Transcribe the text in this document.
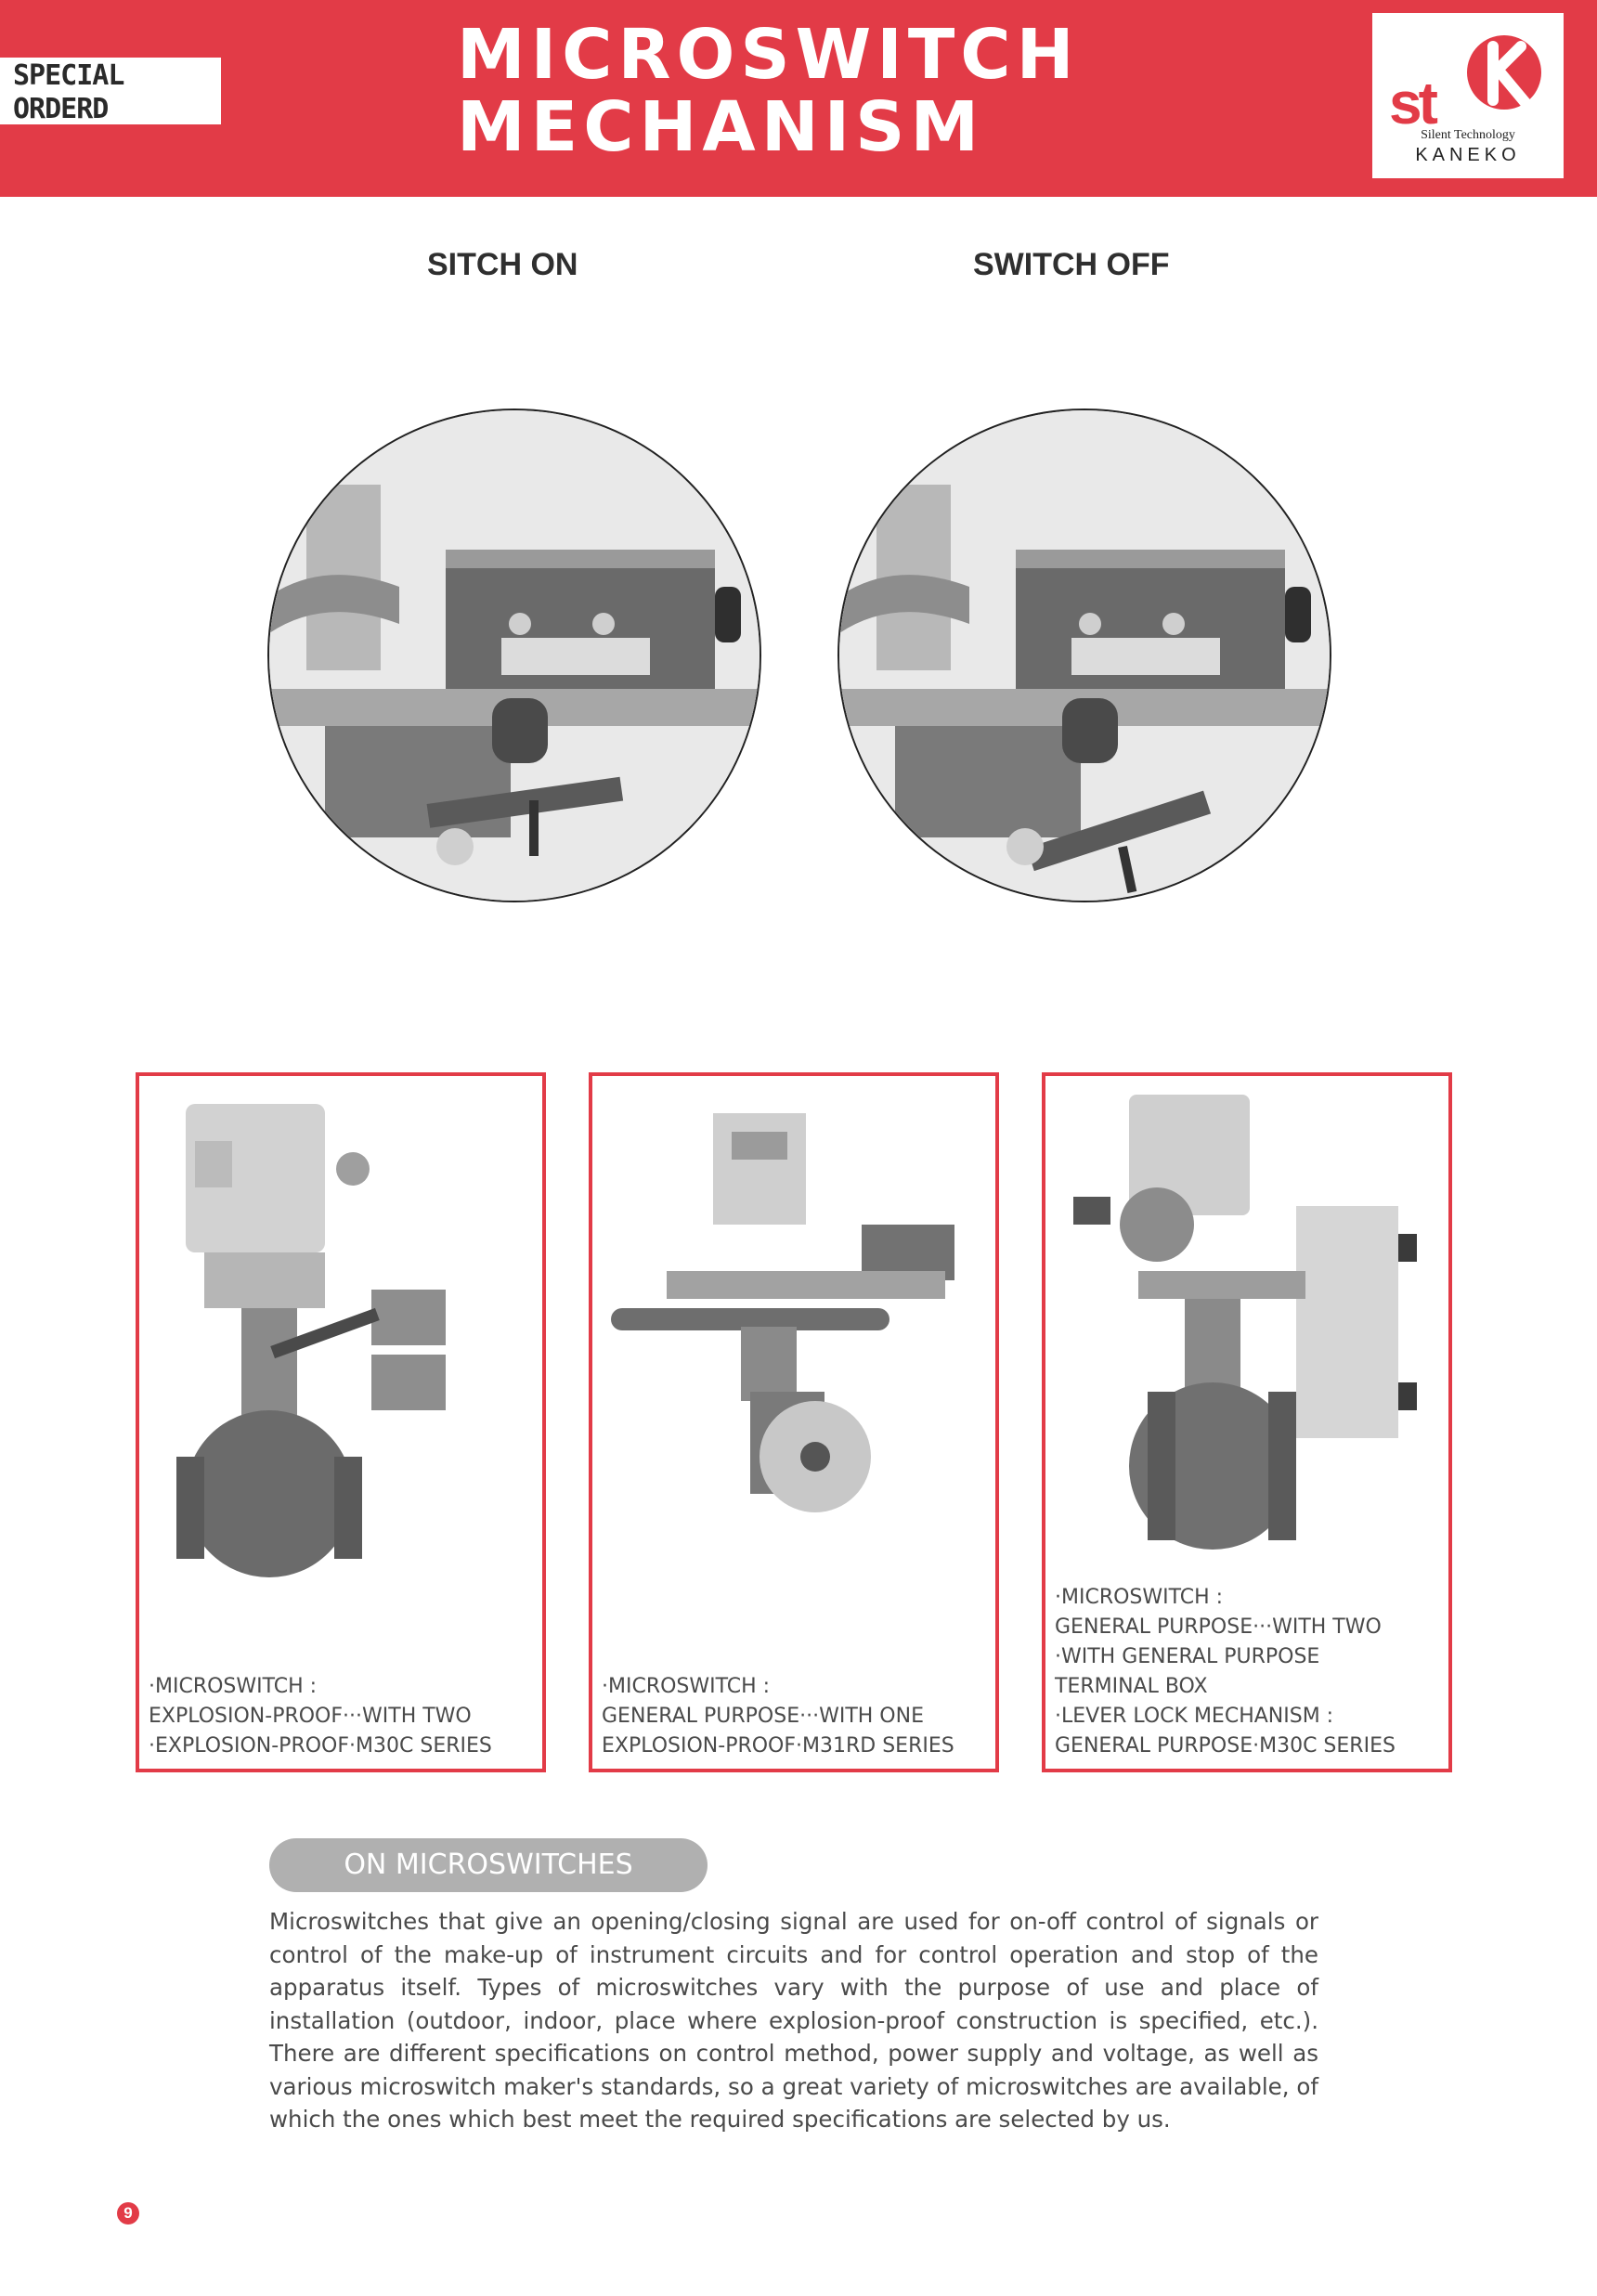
SPECIAL
ORDERD
MICROSWITCH
MECHANISM	st
Silent Technology
KANEKO
SITCH ON	SWITCH OFF
·MICROSWITCH :
EXPLOSION-PROOF···WITH TWO
·EXPLOSION-PROOF·M30C SERIES
·MICROSWITCH :
GENERAL PURPOSE···WITH ONE
EXPLOSION-PROOF·M31RD SERIES
·MICROSWITCH :
GENERAL PURPOSE···WITH TWO
·WITH GENERAL PURPOSE
TERMINAL BOX
·LEVER LOCK MECHANISM :
GENERAL PURPOSE·M30C SERIES
ON MICROSWITCHES
Microswitches that give an opening/closing signal are used for on-off control of signals or control of the make-up of instrument circuits and for control operation and stop of the apparatus itself. Types of microswitches vary with the purpose of use and place of installation (outdoor, indoor, place where explosion-proof construction is specified, etc.). There are different specifications on control method, power supply and voltage, as well as various microswitch maker's standards, so a great variety of microswitches are available, of which the ones which best meet the required specifications are selected by us.
9
